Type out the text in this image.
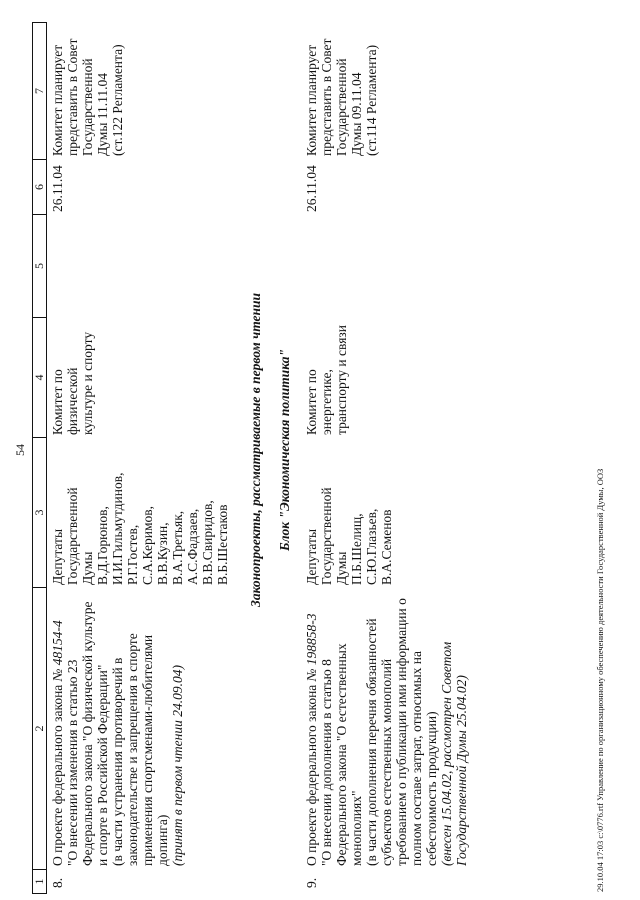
54
1
2
3
4
5
6
7
8.
О проекте федерального закона № 48154-4
"О внесении изменения в статью 23 Федерального закона "О физической культуре и спорте в Российской Федерации" (в части устранения противоречий в законодательстве и запрещения в спорте применения спортсменами-любителями допинга) (принят в первом чтении 24.09.04)
Депутаты Государственной Думы В.Д.Горюнов, И.И.Гильмутдинов, Р.Г.Гостев, С.А.Керимов, В.В.Кузин, В.А.Третьяк, А.С.Фадзаев, В.В.Свиридов, В.Б.Шестаков
Комитет по физической культуре и спорту
26.11.04
Комитет планирует представить в Совет Государственной Думы 11.11.04 (ст.122 Регламента)
Законопроекты, рассматриваемые в первом чтении Блок "Экономическая политика"
9.
О проекте федерального закона № 198858-3
"О внесении дополнения в статью 8 Федерального закона "О естественных монополиях" (в части дополнения перечня обязанностей субъектов естественных монополий требованием о публикации ими информации о полном составе затрат, относимых на себестоимость продукции) (внесен 15.04.02, рассмотрен Советом Государственной Думы 25.04.02)
Депутаты Государственной Думы П.Б.Шелищ, С.Ю.Глазьев, В.А.Семенов
Комитет по энергетике, транспорту и связи
26.11.04
Комитет планирует представить в Совет Государственной Думы 09.11.04 (ст.114 Регламента)
29.10.04 17:03 c:\0776.rtf Управление по организационному обеспечению деятельности Государственной Думы, ООЗ
